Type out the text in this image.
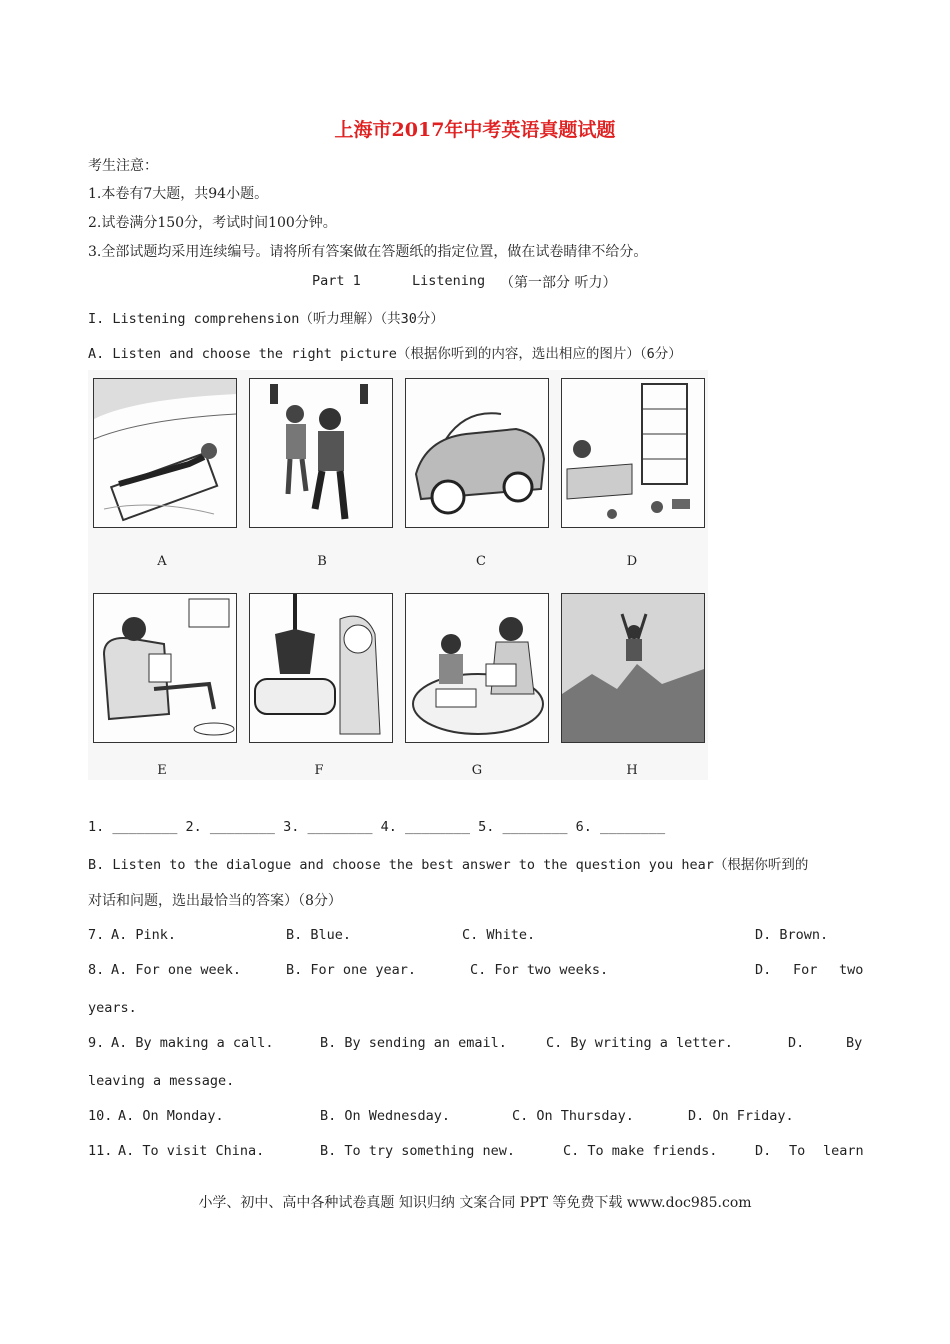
上海市2017年中考英语真题试题
考生注意：
1.本卷有7大题，共94小题。
2.试卷满分150分，考试时间100分钟。
3.全部试题均采用连续编号。请将所有答案做在答题纸的指定位置，做在试卷睛律不给分。
Part 1	Listening （第一部分 听力）
I. Listening comprehension（听力理解）（共30分）
A. Listen and choose the right picture（根据你听到的内容，选出相应的图片）（6分）
A	B	C	D
E	F	G	H
1. ________ 2. ________ 3. ________ 4. ________ 5. ________ 6. ________
B. Listen to the dialogue and choose the best answer to the question you hear（根据你听到的
对话和问题，选出最恰当的答案）（8分）
7. A. Pink.	B. Blue.	C. White.	D. Brown.
8. A. For one week.	B. For one year.	C. For two weeks.	D. For two
years.
9. A. By making a call.	B. By sending an email.	C. By writing a letter.	D.	By
leaving a message.
10. A. On Monday.	B. On Wednesday.	C. On Thursday.	D. On Friday.
11. A. To visit China.	B. To try something new.	C. To make friends.	D. To learn
小学、初中、高中各种试卷真题 知识归纳 文案合同 PPT 等免费下载 www.doc985.com
